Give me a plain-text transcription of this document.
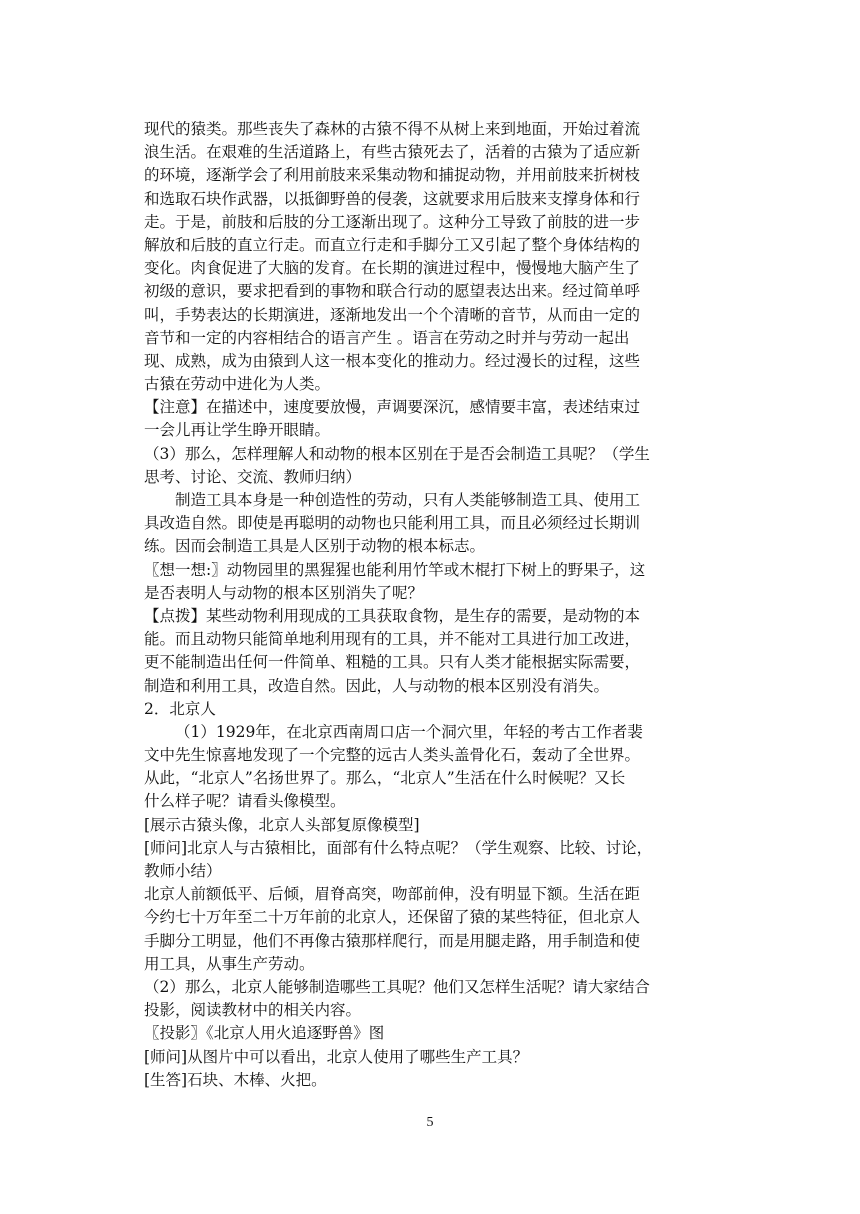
现代的猿类。那些丧失了森林的古猿不得不从树上来到地面，开始过着流
浪生活。在艰难的生活道路上，有些古猿死去了，活着的古猿为了适应新
的环境，逐渐学会了利用前肢来采集动物和捕捉动物，并用前肢来折树枝
和选取石块作武器，以抵御野兽的侵袭，这就要求用后肢来支撑身体和行
走。于是，前肢和后肢的分工逐渐出现了。这种分工导致了前肢的进一步
解放和后肢的直立行走。而直立行走和手脚分工又引起了整个身体结构的
变化。肉食促进了大脑的发育。在长期的演进过程中，慢慢地大脑产生了
初级的意识，要求把看到的事物和联合行动的愿望表达出来。经过简单呼
叫，手势表达的长期演进，逐渐地发出一个个清晰的音节，从而由一定的
音节和一定的内容相结合的语言产生 。语言在劳动之时并与劳动一起出
现、成熟，成为由猿到人这一根本变化的推动力。经过漫长的过程，这些
古猿在劳动中进化为人类。
【注意】在描述中，速度要放慢，声调要深沉，感情要丰富，表述结束过
一会儿再让学生睁开眼睛。
（3）那么，怎样理解人和动物的根本区别在于是否会制造工具呢？（学生
思考、讨论、交流、教师归纳）
制造工具本身是一种创造性的劳动，只有人类能够制造工具、使用工
具改造自然。即使是再聪明的动物也只能利用工具，而且必须经过长期训
练。因而会制造工具是人区别于动物的根本标志。
〖想一想:〗动物园里的黑猩猩也能利用竹竿或木棍打下树上的野果子，这
是否表明人与动物的根本区别消失了呢？
【点拨】某些动物利用现成的工具获取食物，是生存的需要，是动物的本
能。而且动物只能简单地利用现有的工具，并不能对工具进行加工改进，
更不能制造出任何一件简单、粗糙的工具。只有人类才能根据实际需要，
制造和利用工具，改造自然。因此，人与动物的根本区别没有消失。
2．北京人
（1）1929年，在北京西南周口店一个洞穴里，年轻的考古工作者裴
文中先生惊喜地发现了一个完整的远古人类头盖骨化石，轰动了全世界。
从此，“北京人”名扬世界了。那么，“北京人”生活在什么时候呢？又长
什么样子呢？请看头像模型。
[展示古猿头像，北京人头部复原像模型]
[师问]北京人与古猿相比，面部有什么特点呢？（学生观察、比较、讨论，
教师小结）
北京人前额低平、后倾，眉脊高突，吻部前伸，没有明显下额。生活在距
今约七十万年至二十万年前的北京人，还保留了猿的某些特征，但北京人
手脚分工明显，他们不再像古猿那样爬行，而是用腿走路，用手制造和使
用工具，从事生产劳动。
（2）那么，北京人能够制造哪些工具呢？他们又怎样生活呢？请大家结合
投影，阅读教材中的相关内容。
〖投影〗《北京人用火追逐野兽》图
[师问]从图片中可以看出，北京人使用了哪些生产工具？
[生答]石块、木棒、火把。
5
